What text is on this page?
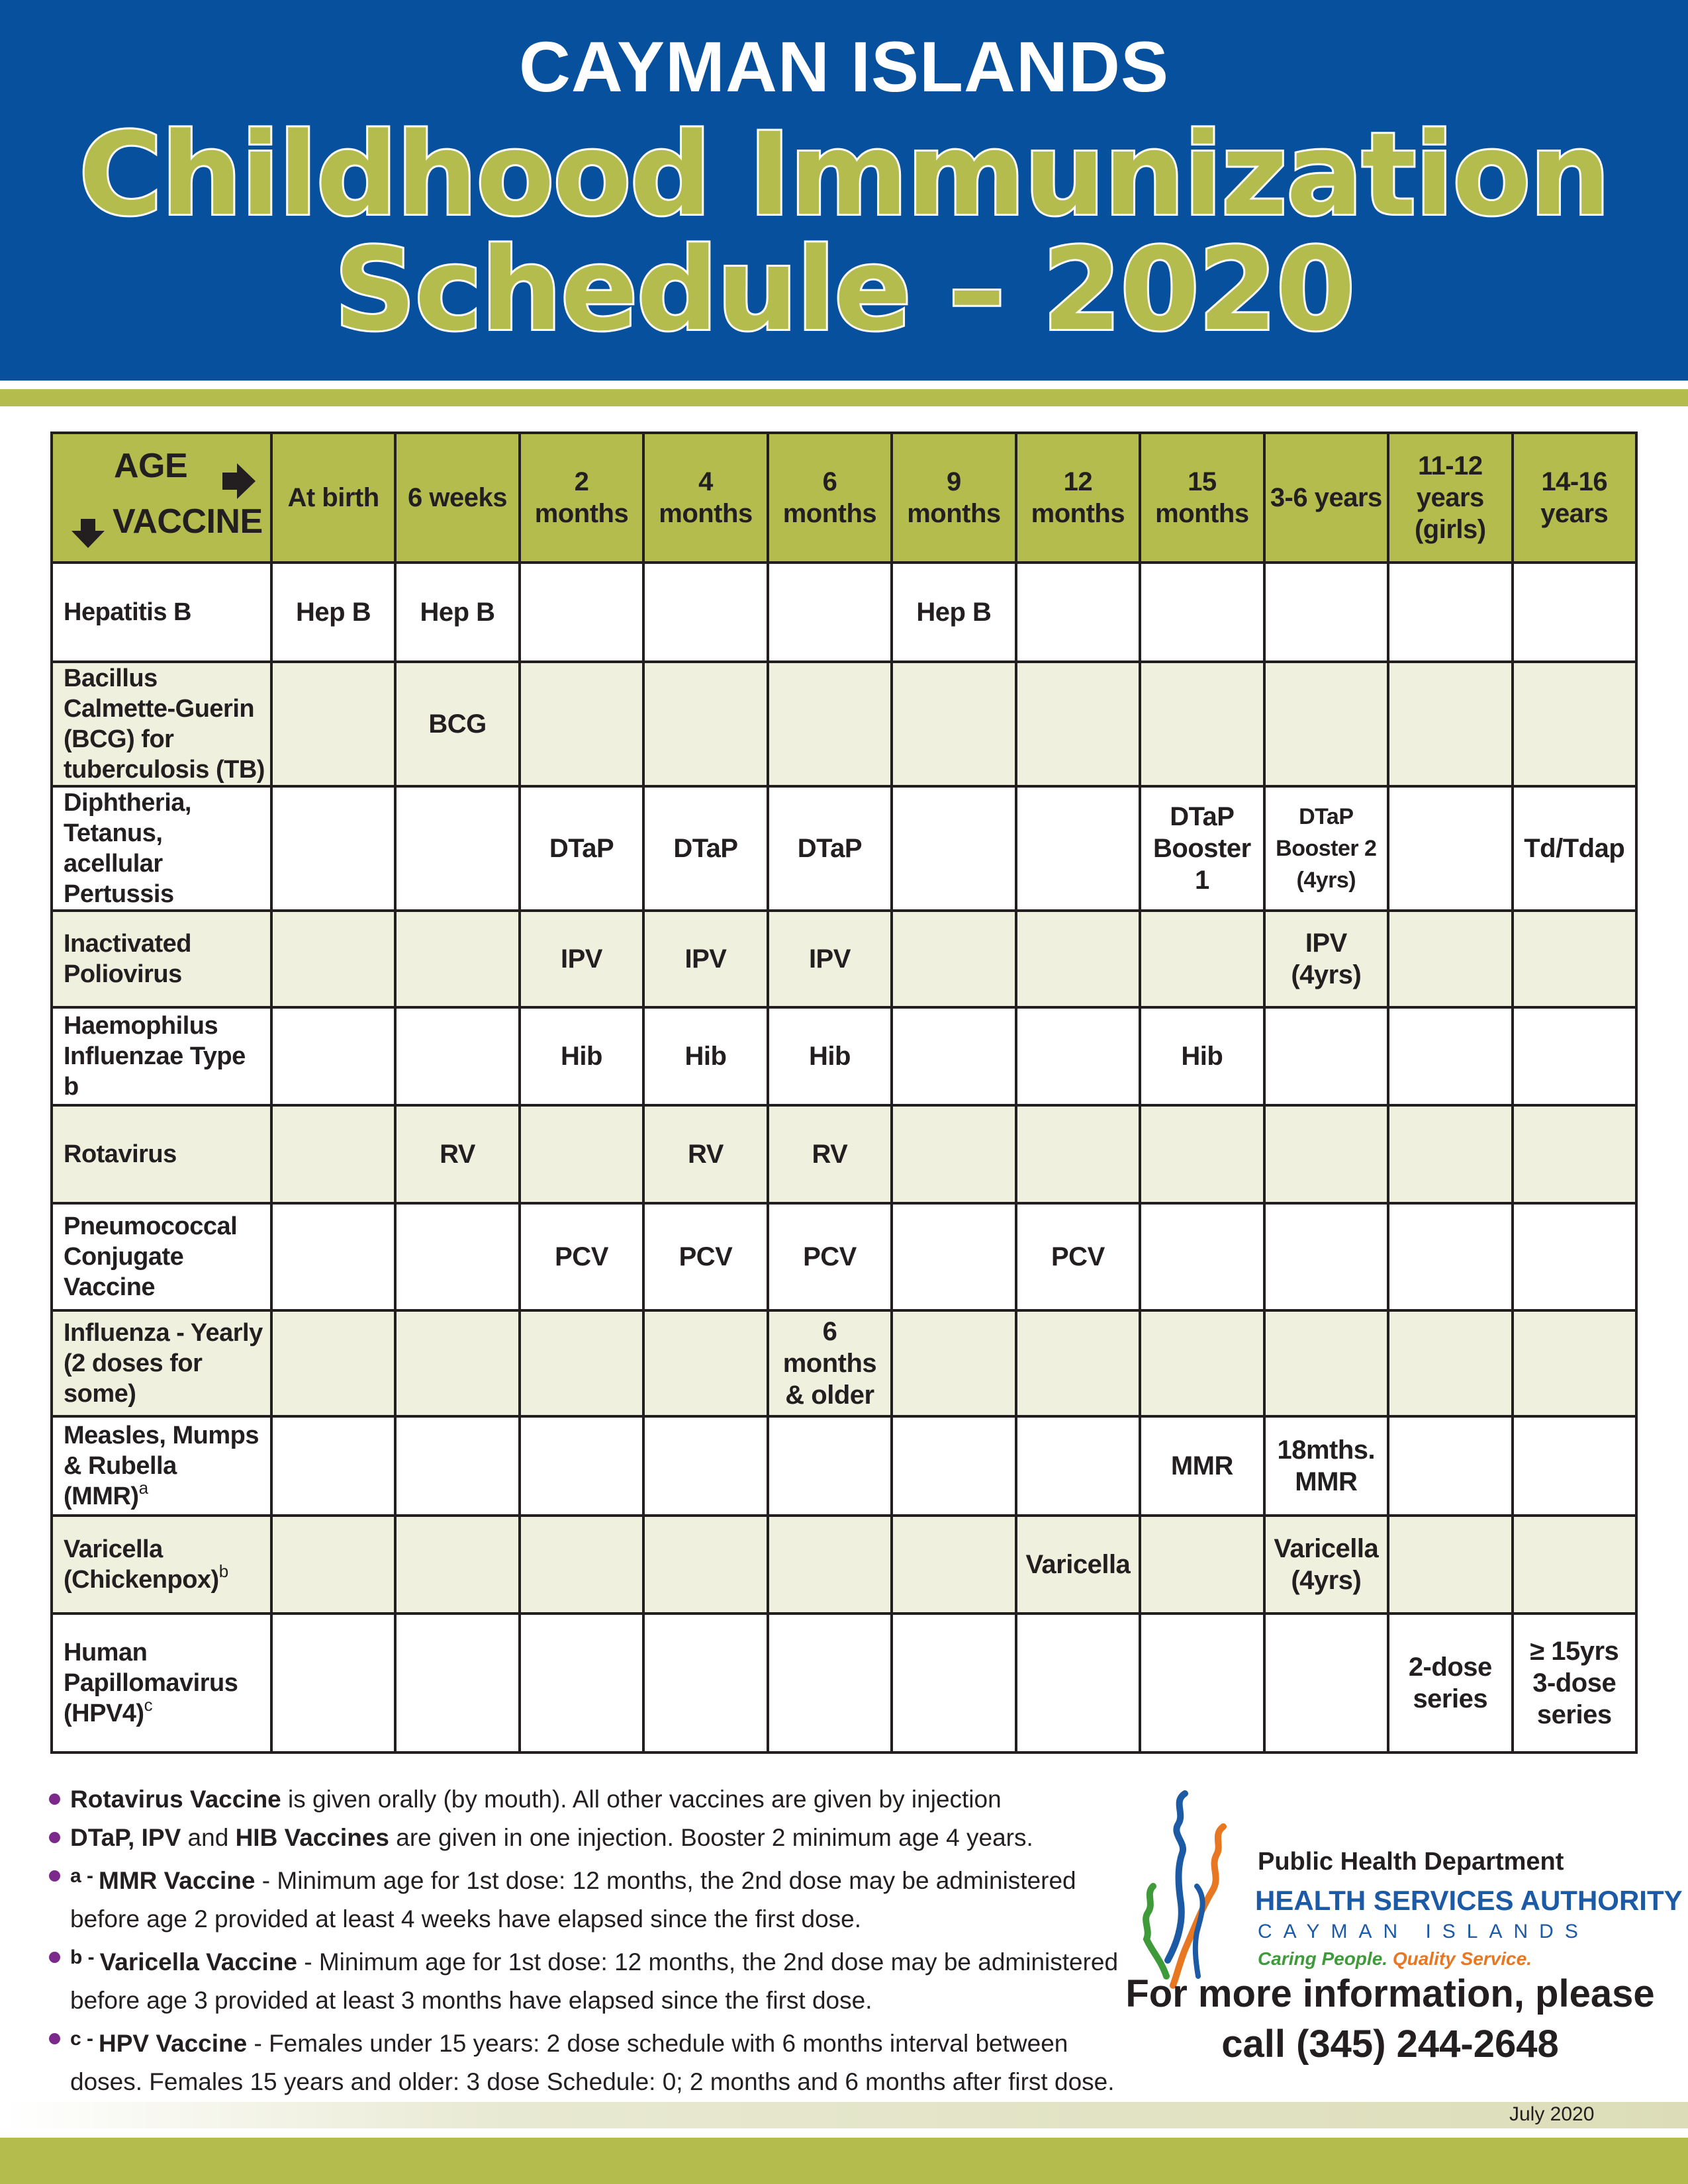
CAYMAN ISLANDS
Childhood Immunization
Schedule – 2020
AGE
VACCINE	At birth	6 weeks	2 months	4 months	6 months	9 months	12 months	15 months	3-6 years	11-12 years (girls)	14-16 years
Hepatitis B	Hep B	Hep B				Hep B					
Bacillus Calmette-Guerin (BCG) for tuberculosis (TB)		BCG									
Diphtheria, Tetanus, acellular Pertussis			DTaP	DTaP	DTaP			DTaP Booster 1	DTaP Booster 2 (4yrs)		Td/Tdap
Inactivated Poliovirus			IPV	IPV	IPV				IPV (4yrs)		
Haemophilus Influenzae Type b			Hib	Hib	Hib			Hib			
Rotavirus		RV		RV	RV						
Pneumococcal Conjugate Vaccine			PCV	PCV	PCV		PCV				
Influenza - Yearly (2 doses for some)					6 months & older						
Measles, Mumps & Rubella (MMR)$^a$								MMR	18mths. MMR		
Varicella (Chickenpox)$^b$							Varicella		Varicella (4yrs)		
Human Papillomavirus $(HPV4)^c$										2-dose series	≥ 15yrs 3-dose series
Rotavirus Vaccine is given orally (by mouth). All other vaccines are given by injection
DTaP, IPV and HIB Vaccines are given in one injection. Booster 2 minimum age 4 years.
$^{a -}$ MMR Vaccine - Minimum age for 1st dose: 12 months, the 2nd dose may be administered before age 2 provided at least 4 weeks have elapsed since the first dose.
$^{b -}$ Varicella Vaccine - Minimum age for 1st dose: 12 months, the 2nd dose may be administered before age 3 provided at least 3 months have elapsed since the first dose.
$^{c -}$ HPV Vaccine - Females under 15 years: 2 dose schedule with 6 months interval between doses. Females 15 years and older: 3 dose Schedule: 0; 2 months and 6 months after first dose.
Public Health Department
HEALTH SERVICES AUTHORITY
CAYMAN ISLANDS
Caring People. Quality Service.
For more information, please
call (345) 244-2648
July 2020
